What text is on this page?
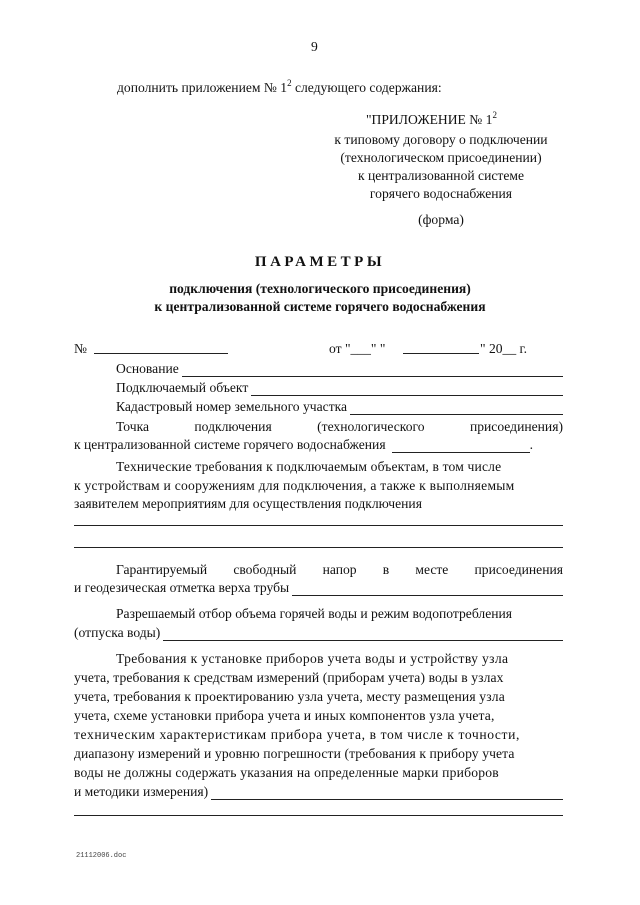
9
дополнить приложением № $1^2$ следующего содержания:
"ПРИЛОЖЕНИЕ № $1^2$
к типовому договору о подключении
(технологическом присоединении)
к централизованной системе
горячего водоснабжения
(форма)
ПАРАМЕТРЫ
подключения (технологического присоединения)
к централизованной системе горячего водоснабжения
№	от "___" "	" 20__ г.
Основание
Подключаемый объект
Кадастровый номер земельного участка
Точка	подключения	(технологического	присоединения)
к централизованной системе горячего водоснабжения	.
Технические требования к подключаемым объектам, в том числе
к устройствам и сооружениям для подключения, а также к выполняемым
заявителем мероприятиям для осуществления подключения
Гарантируемый свободный напор в месте присоединения
и геодезическая отметка верха трубы
Разрешаемый отбор объема горячей воды и режим водопотребления
(отпуска воды)
Требования к установке приборов учета воды и устройству узла
учета, требования к средствам измерений (приборам учета) воды в узлах
учета, требования к проектированию узла учета, месту размещения узла
учета, схеме установки прибора учета и иных компонентов узла учета,
техническим характеристикам прибора учета, в том числе к точности,
диапазону измерений и уровню погрешности (требования к прибору учета
воды не должны содержать указания на определенные марки приборов
и методики измерения)
21112006.doc
